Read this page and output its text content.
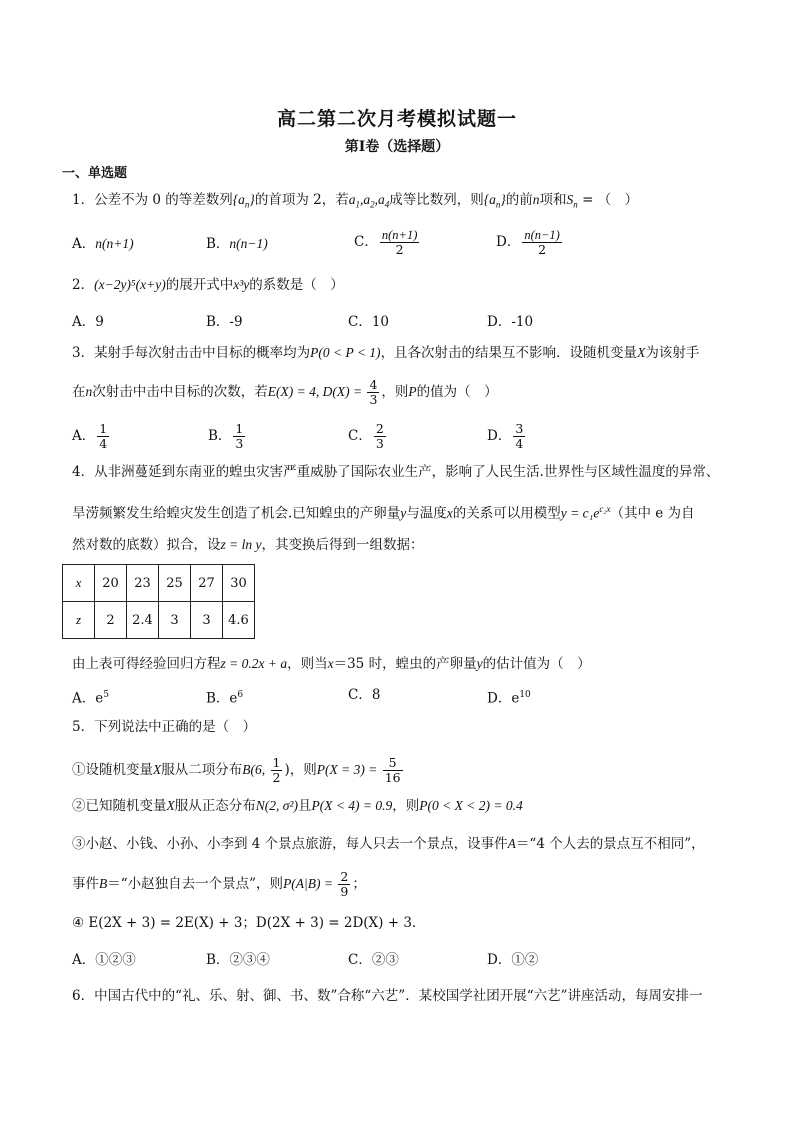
高二第二次月考模拟试题一
第I卷（选择题）
一、单选题
1．公差不为 0 的等差数列$\{a_n\}$的首项为 2，若$a_1,a_2,a_4$成等比数列，则$\{a_n\}$的前n项和$S_n$ = （　）
A．n(n+1)	B．n(n−1)	C． $\frac{n(n+1)}{2}$	D． $\frac{n(n-1)}{2}$
2．(x−2y)⁵(x+y)的展开式中x³y的系数是（　）
A．9	B．-9	C．10	D．-10
3．某射手每次射击击中目标的概率均为P(0 < P < 1)，且各次射击的结果互不影响．设随机变量X为该射手
在n次射击中击中目标的次数，若E(X) = 4, $D(X) = \frac{4}{3}$ ，则P的值为（　）
A． $\frac{1}{4}$	B． $\frac{1}{3}$	C． $\frac{2}{3}$	D． $\frac{3}{4}$
4．从非洲蔓延到东南亚的蝗虫灾害严重威胁了国际农业生产，影响了人民生活.世界性与区域性温度的异常、
旱涝频繁发生给蝗灾发生创造了机会.已知蝗虫的产卵量y与温度x的关系可以用模型$y = c_1e^{c_2x}$（其中 e 为自
然对数的底数）拟合，设z = ln y，其变换后得到一组数据：
x	20	23	25	27	30
z	2	2.4	3	3	4.6
由上表可得经验回归方程z = 0.2x + a，则当x＝35 时，蝗虫的产卵量y的估计值为（　）
A．$e^5$	B．$e^6$	C．8	D．$e^{10}$
5．下列说法中正确的是（　）
①设随机变量X服从二项分布B(6, $\frac{1}{2}$ )，则$P(X = 3) = \frac{5}{16}$
②已知随机变量X服从正态分布N(2, σ²)且P(X < 4) = 0.9，则P(0 < X < 2) = 0.4
③小赵、小钱、小孙、小李到 4 个景点旅游，每人只去一个景点，设事件A＝“4 个人去的景点互不相同”，
事件B＝“小赵独自去一个景点”，则$P(A|B) = \frac{2}{9}$ ；
④ E(2X + 3) = 2E(X) + 3；D(2X + 3) = 2D(X) + 3.
A．①②③	B．②③④	C．②③	D．①②
6．中国古代中的“礼、乐、射、御、书、数”合称“六艺”．某校国学社团开展“六艺”讲座活动，每周安排一
